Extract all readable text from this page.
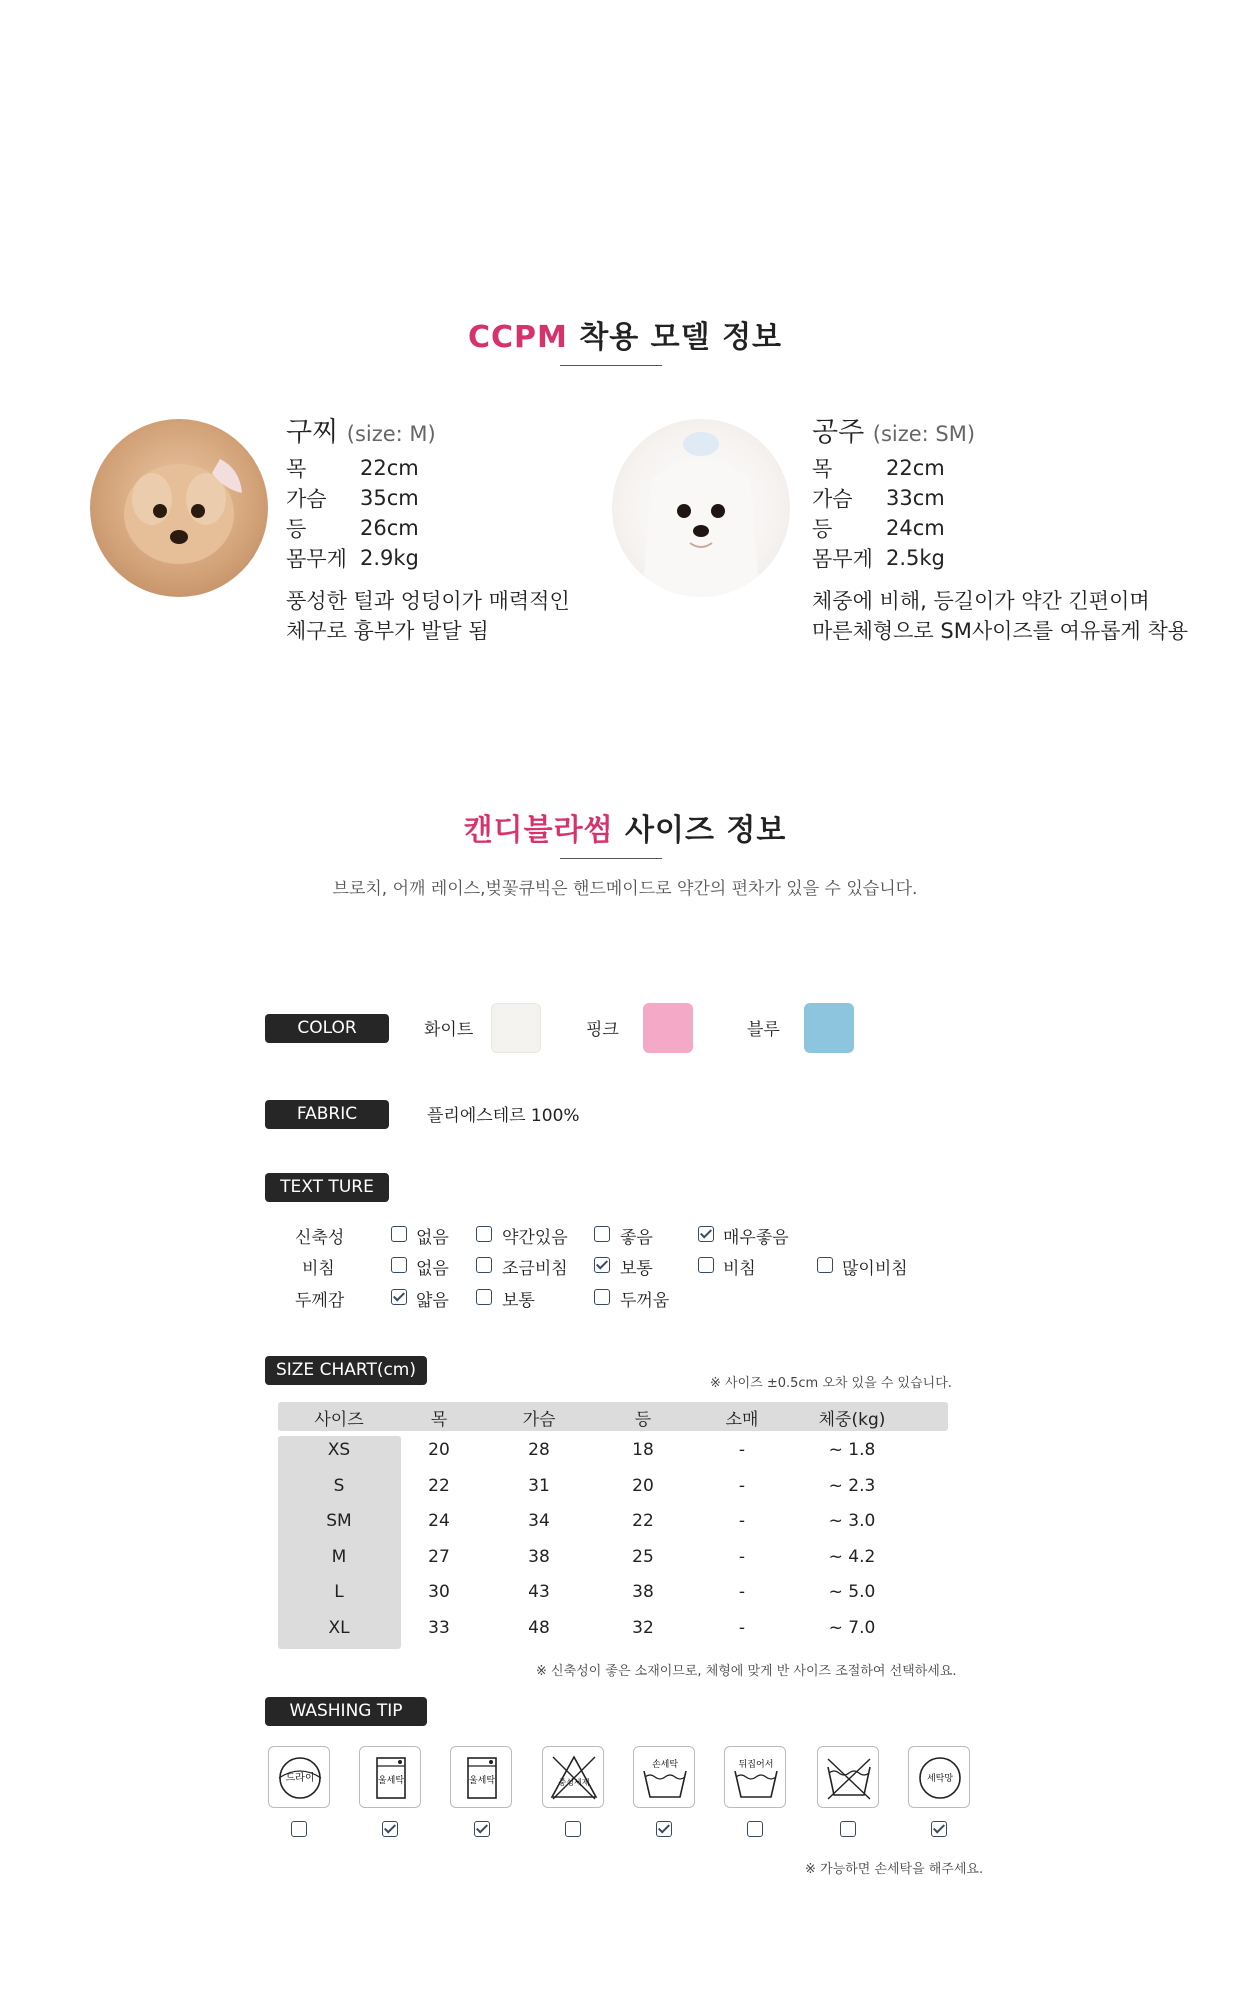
CCPM 착용 모델 정보
구찌 (size: M)
목	22cm
가슴	35cm
등	26cm
몸무게	2.9kg
풍성한 털과 엉덩이가 매력적인
체구로 흉부가 발달 됨
공주 (size: SM)
목	22cm
가슴	33cm
등	24cm
몸무게	2.5kg
체중에 비해, 등길이가 약간 긴편이며
마른체형으로 SM사이즈를 여유롭게 착용
캔디블라썸 사이즈 정보
브로치, 어깨 레이스,벚꽃큐빅은 핸드메이드로 약간의 편차가 있을 수 있습니다.
COLOR	화이트	핑크	블루
FABRIC	플리에스테르 100%
TEXT TURE
신축성	없음	약간있음	좋음	매우좋음
비침	없음	조금비침	보통	비침	많이비침
두께감	얇음	보통	두꺼움
SIZE CHART(cm)
※ 사이즈 ±0.5cm 오차 있을 수 있습니다.
사이즈	목	가슴	등	소매	체중(kg)
XS	20	28	18	-	~ 1.8
S	22	31	20	-	~ 2.3
SM	24	34	22	-	~ 3.0
M	27	38	25	-	~ 4.2
L	30	43	38	-	~ 5.0
XL	33	48	32	-	~ 7.0
※ 신축성이 좋은 소재이므로, 체형에 맞게 반 사이즈 조절하여 선택하세요.
WASHING TIP
드라이	울세탁	울세탁	중성세제
손세탁	뒤집어서
세탁망
※ 가능하면 손세탁을 해주세요.
